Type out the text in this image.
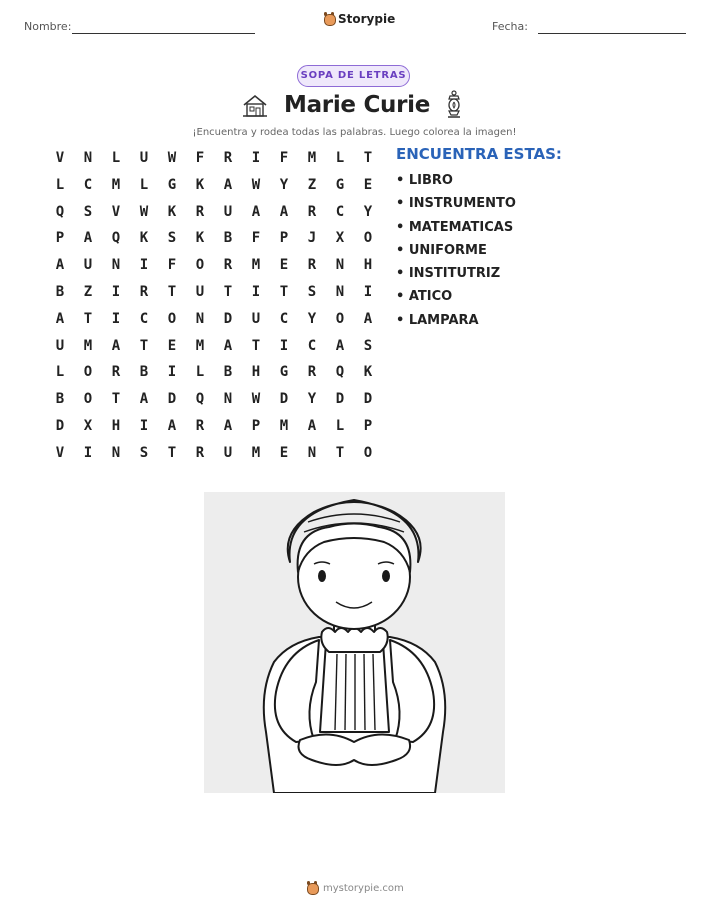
Nombre:
Storypie
Fecha:
SOPA DE LETRAS
Marie Curie
¡Encuentra y rodea todas las palabras. Luego colorea la imagen!
V	N	L	U	W	F	R	I	F	M	L	T
L	C	M	L	G	K	A	W	Y	Z	G	E
Q	S	V	W	K	R	U	A	A	R	C	Y
P	A	Q	K	S	K	B	F	P	J	X	O
A	U	N	I	F	O	R	M	E	R	N	H
B	Z	I	R	T	U	T	I	T	S	N	I
A	T	I	C	O	N	D	U	C	Y	O	A
U	M	A	T	E	M	A	T	I	C	A	S
L	O	R	B	I	L	B	H	G	R	Q	K
B	O	T	A	D	Q	N	W	D	Y	D	D
D	X	H	I	A	R	A	P	M	A	L	P
V	I	N	S	T	R	U	M	E	N	T	O
ENCUENTRA ESTAS:
• LIBRO
• INSTRUMENTO
• MATEMATICAS
• UNIFORME
• INSTITUTRIZ
• ATICO
• LAMPARA
mystorypie.com
